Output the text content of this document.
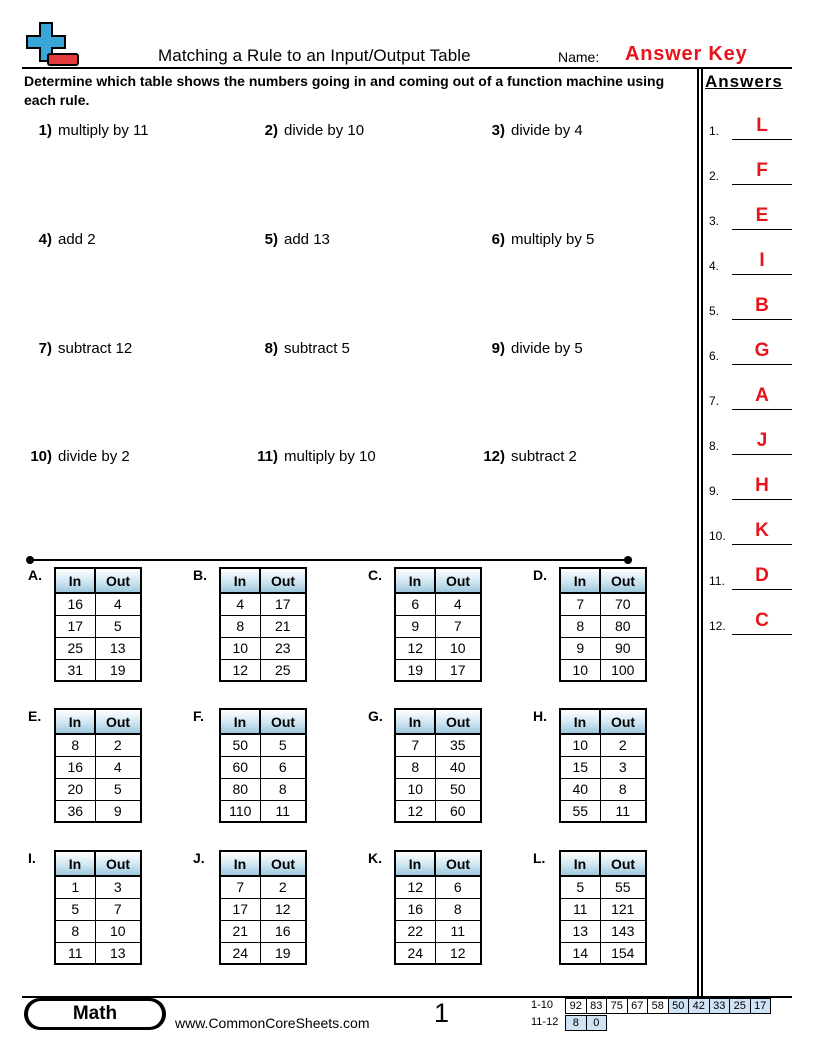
Matching a Rule to an Input/Output Table	Name: Answer Key
Determine which table shows the numbers going in and coming out of a function machine using each rule.
1) multiply by 11	2) divide by 10	3) divide by 4
4) add 2	5) add 13	6) multiply by 5
7) subtract 12	8) subtract 5	9) divide by 5
10) divide by 2	11) multiply by 10	12) subtract 2
A. In	Out
16	4
17	5
25	13
31	19
B. In	Out
4	17
8	21
10	23
12	25
C. In	Out
6	4
9	7
12	10
19	17
D. In	Out
7	70
8	80
9	90
10	100
E. In	Out
8	2
16	4
20	5
36	9
F. In	Out
50	5
60	6
80	8
110	11
G. In	Out
7	35
8	40
10	50
12	60
H. In	Out
10	2
15	3
40	8
55	11
I. In	Out
1	3
5	7
8	10
11	13
J. In	Out
7	2
17	12
21	16
24	19
K. In	Out
12	6
16	8
22	11
24	12
L. In	Out
5	55
11	121
13	143
14	154
Answers
1.	L
2.	F
3.	E
4.	I
5.	B
6.	G
7.	A
8.	J
9.	H
10.	K
11.	D
12.	C
Math	www.CommonCoreSheets.com 1	1-10	92 83 75 67 58 50 42 33 25 17
11-12	8	0
